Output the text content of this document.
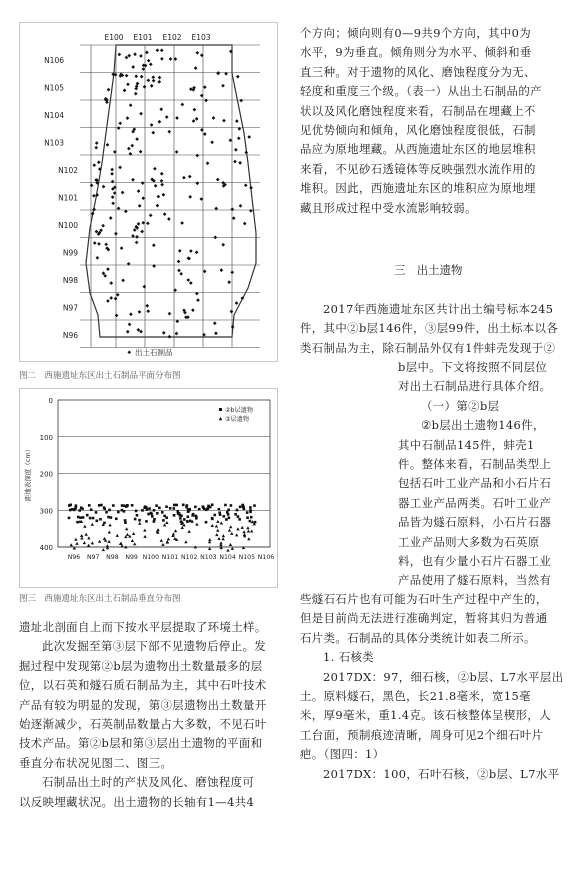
E100 E101 E102 E103
N106
N105
N104
N103
N102
N101
N100
N99
N98
N97
N96
出土石制品
图二　西施遗址东区出土石制品平面分布图
0
100
200
300
400
N96 N97 N98 N99 N100 N101 N102 N103 N104 N105 N106
距地表深度（cm）
②b层遗物
③层遗物
图三　西施遗址东区出土石制品垂直分布图
个方向；倾向则有0—9共9个方向，其中0为
水平，9为垂直。倾角则分为水平、倾斜和垂
直三种。对于遗物的风化、磨蚀程度分为无、
轻度和重度三个级。（表一）从出土石制品的产
状以及风化磨蚀程度来看，石制品在埋藏上不
见优势倾向和倾角，风化磨蚀程度很低，石制
品应为原地埋藏。从西施遗址东区的地层堆积
来看，不见砂石透镜体等反映强烈水流作用的
堆积。因此，西施遗址东区的堆积应为原地埋
藏且形成过程中受水流影响较弱。
三　出土遗物
2017年西施遗址东区共计出土编号标本245
件，其中②b层146件，③层99件，出土标本以各
类石制品为主，除石制品外仅有1件蚌壳发现于②
b层中。下文将按照不同层位
对出土石制品进行具体介绍。
（一）第②b层
②b层出土遗物146件，
其中石制品145件，蚌壳1
件。整体来看，石制品类型上
包括石叶工业产品和小石片石
器工业产品两类。石叶工业产
品皆为燧石原料，小石片石器
工业产品则大多数为石英原
料，也有少量小石片石器工业
产品使用了燧石原料，当然有
些燧石石片也有可能为石叶生产过程中产生的，
但是目前尚无法进行准确判定，暂将其归为普通
石片类。石制品的具体分类统计如表二所示。
1. 石核类
2017DX：97，细石核，②b层、L7水平层出
土。原料燧石，黑色，长21.8毫米，宽15毫
米，厚9毫米，重1.4克。该石核整体呈楔形，人
工台面，预制痕迹清晰，周身可见2个细石叶片
疤。（图四：1）
2017DX：100，石叶石核，②b层、L7水平
遗址北剖面自上而下按水平层提取了环境土样。
此次发掘至第③层下部不见遗物后停止。发
掘过程中发现第②b层为遗物出土数量最多的层
位，以石英和燧石质石制品为主，其中石叶技术
产品有较为明显的发现，第③层遗物出土数量开
始逐渐减少，石英制品数量占大多数，不见石叶
技术产品。第②b层和第③层出土遗物的平面和
垂直分布状况见图二、图三。
石制品出土时的产状及风化、磨蚀程度可
以反映埋藏状况。出土遗物的长轴有1—4共4
